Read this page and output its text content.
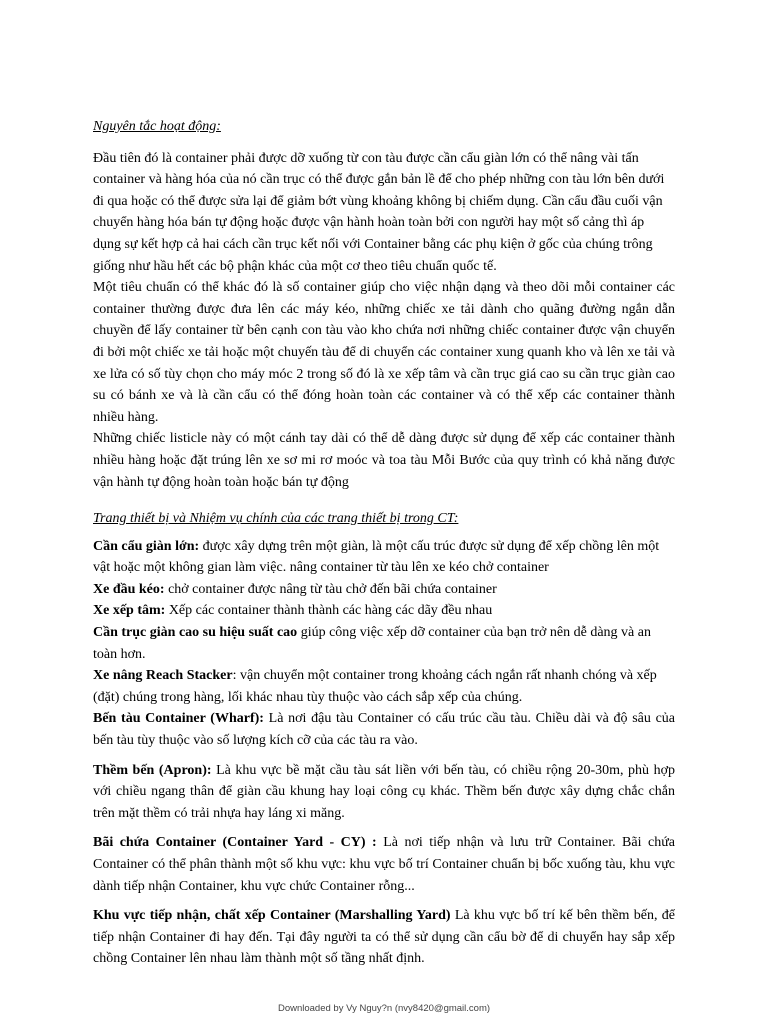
Nguyên tắc hoạt động:

Đầu tiên đó là container phải được dỡ xuống từ con tàu được cần cẩu giàn lớn có thể nâng vài tấn container và hàng hóa của nó cần trục có thể được gắn bản lề để cho phép những con tàu lớn bên dưới đi qua hoặc có thể được sửa lại để giảm bớt vùng khoảng không bị chiếm dụng. Cần cẩu đầu cuối vận chuyển hàng hóa bán tự động hoặc được vận hành hoàn toàn bởi con người hay một số cảng thì áp dụng sự kết hợp cả hai cách cần trục kết nối với Container bằng các phụ kiện ở gốc của chúng trông giống như hầu hết các bộ phận khác của một cơ theo tiêu chuẩn quốc tế.

Một tiêu chuẩn có thể khác đó là số container giúp cho việc nhận dạng và theo dõi mỗi container các container thường được đưa lên các máy kéo, những chiếc xe tải dành cho quãng đường ngắn dẫn chuyền để lấy container từ bên cạnh con tàu vào kho chứa nơi những chiếc container được vận chuyển đi bởi một chiếc xe tải hoặc một chuyến tàu để di chuyển các container xung quanh kho và lên xe tải và xe lửa có số tùy chọn cho máy móc 2 trong số đó là xe xếp tâm và cần trục giá cao su cần trục giàn cao su có bánh xe và là cần cẩu có thể đóng hoàn toàn các container và có thể xếp các container thành nhiều hàng.

Những chiếc listicle này có một cánh tay dài có thể dễ dàng được sử dụng để xếp các container thành nhiều hàng hoặc đặt trúng lên xe sơ mi rơ moóc và toa tàu Mỗi Bước của quy trình có khả năng được vận hành tự động hoàn toàn hoặc bán tự động

Trang thiết bị và Nhiệm vụ chính của các trang thiết bị trong CT:

Cần cẩu giàn lớn: được xây dựng trên một giàn, là một cấu trúc được sử dụng để xếp chồng lên một vật hoặc một không gian làm việc. nâng container từ tàu lên xe kéo chở container

Xe đầu kéo: chở container được nâng từ tàu chở đến bãi chứa container

Xe xếp tâm: Xếp các container thành thành các hàng các dãy đều nhau

Cần trục giàn cao su hiệu suất cao giúp công việc xếp dỡ container của bạn trở nên dễ dàng và an toàn hơn.

Xe nâng Reach Stacker: vận chuyển một container trong khoảng cách ngắn rất nhanh chóng và xếp (đặt) chúng trong hàng, lối khác nhau tùy thuộc vào cách sắp xếp của chúng.

Bến tàu Container (Wharf): Là nơi đậu tàu Container có cấu trúc cầu tàu. Chiều dài và độ sâu của bến tàu tùy thuộc vào số lượng kích cỡ của các tàu ra vào.

Thềm bến (Apron): Là khu vực bề mặt cầu tàu sát liền với bến tàu, có chiều rộng 20-30m, phù hợp với chiều ngang thân để giàn cầu khung hay loại công cụ khác. Thềm bến được xây dựng chắc chắn trên mặt thềm có trải nhựa hay láng xi măng.

Bãi chứa Container (Container Yard - CY) : Là nơi tiếp nhận và lưu trữ Container. Bãi chứa Container có thể phân thành một số khu vực: khu vực bố trí Container chuẩn bị bốc xuống tàu, khu vực dành tiếp nhận Container, khu vực chức Container rỗng...

Khu vực tiếp nhận, chất xếp Container (Marshalling Yard) Là khu vực bố trí kế bên thềm bến, để tiếp nhận Container đi hay đến. Tại đây người ta có thể sử dụng cần cẩu bờ để di chuyển hay sắp xếp chồng Container lên nhau làm thành một số tầng nhất định.

Downloaded by Vy Nguy?n (nvy8420@gmail.com)
